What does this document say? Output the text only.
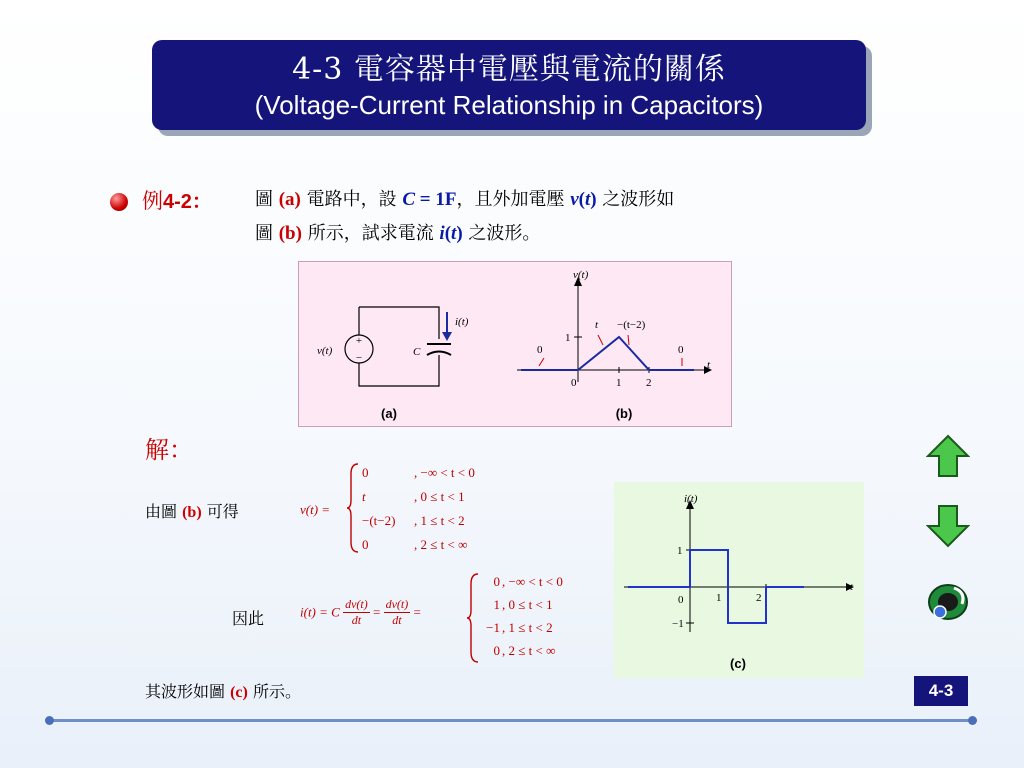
4-3 電容器中電壓與電流的關係
(Voltage-Current Relationship in Capacitors)
例4-2： 圖 (a) 電路中，設 C = 1F，且外加電壓 v(t) 之波形如
圖 (b) 所示，試求電流 i(t) 之波形。
+
−
v(t)	C
i(t)
v(t)
t
t −(t−2)
1
0	0
0	1 2
(a)	(b)
解：
由圖 (b) 可得	v(t) =
0	, −∞ < t < 0
t	, 0 ≤ t < 1
−(t−2) , 1 ≤ t < 2
0	, 2 ≤ t < ∞
因此	i(t) = C $\frac{dv(t)}{dt} = \frac{dv(t)}{dt}$ =
0 , −∞ < t < 0
1 , 0 ≤ t < 1
−1 , 1 ≤ t < 2
0 , 2 ≤ t < ∞
其波形如圖 (c) 所示。
i(t)
t
1
−1
0	1	2
(c)
4-3
